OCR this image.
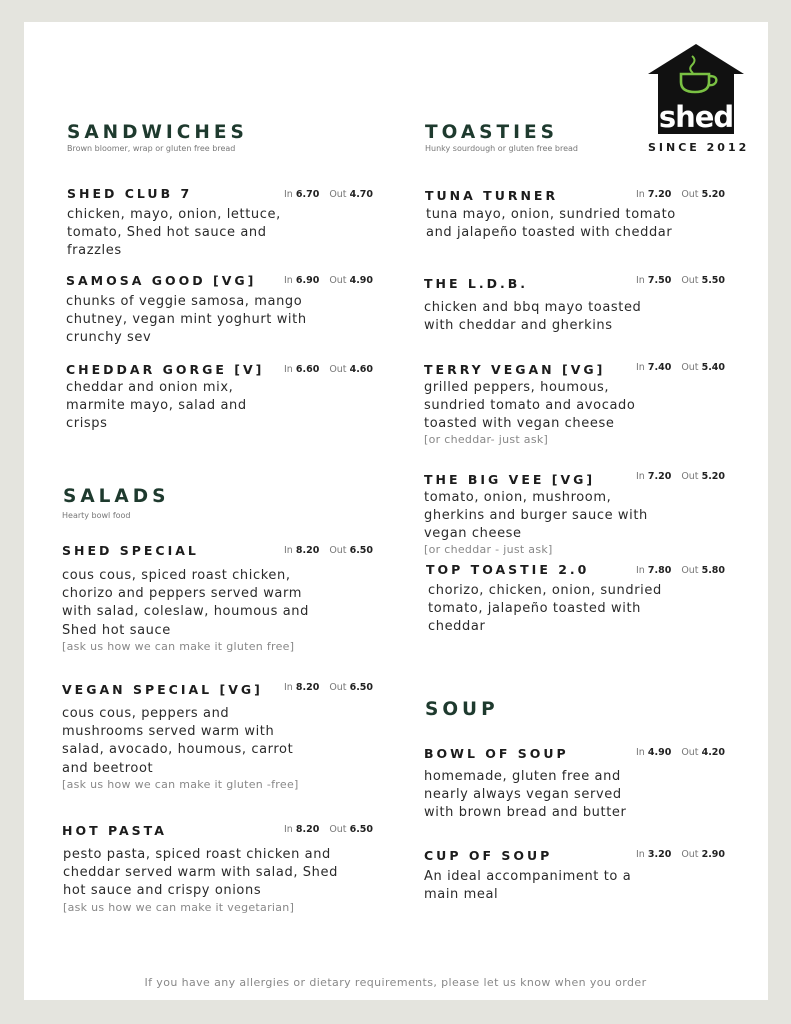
shed
SINCE 2012
SANDWICHES
Brown bloomer, wrap or gluten free bread
SHED CLUB 7	In 6.70 Out 4.70
chicken, mayo, onion, lettuce, tomato, Shed hot sauce and frazzles
SAMOSA GOOD [VG]	In 6.90 Out 4.90
chunks of veggie samosa, mango chutney, vegan mint yoghurt with crunchy sev
CHEDDAR GORGE [V] In 6.60 Out 4.60
cheddar and onion mix, marmite mayo, salad and crisps
SALADS
Hearty bowl food
SHED SPECIAL	In 8.20 Out 6.50
cous cous, spiced roast chicken, chorizo and peppers served warm with salad, coleslaw, houmous and Shed hot sauce
[ask us how we can make it gluten free]
VEGAN SPECIAL [VG] In 8.20 Out 6.50
cous cous, peppers and mushrooms served warm with salad, avocado, houmous, carrot and beetroot
[ask us how we can make it gluten -free]
HOT PASTA	In 8.20 Out 6.50
pesto pasta, spiced roast chicken and cheddar served warm with salad, Shed hot sauce and crispy onions
[ask us how we can make it vegetarian]
TOASTIES
Hunky sourdough or gluten free bread
TUNA TURNER	In 7.20 Out 5.20
tuna mayo, onion, sundried tomato and jalapeño toasted with cheddar
THE L.D.B.	In 7.50 Out 5.50
chicken and bbq mayo toasted with cheddar and gherkins
TERRY VEGAN [VG]	In 7.40 Out 5.40
grilled peppers, houmous, sundried tomato and avocado toasted with vegan cheese
[or cheddar- just ask]
THE BIG VEE [VG]	In 7.20 Out 5.20
tomato, onion, mushroom, gherkins and burger sauce with vegan cheese
[or cheddar - just ask]
TOP TOASTIE 2.0	In 7.80 Out 5.80
chorizo, chicken, onion, sundried tomato, jalapeño toasted with cheddar
SOUP
BOWL OF SOUP	In 4.90 Out 4.20
homemade, gluten free and nearly always vegan served with brown bread and butter
CUP OF SOUP	In 3.20 Out 2.90
An ideal accompaniment to a main meal
If you have any allergies or dietary requirements, please let us know when you order
